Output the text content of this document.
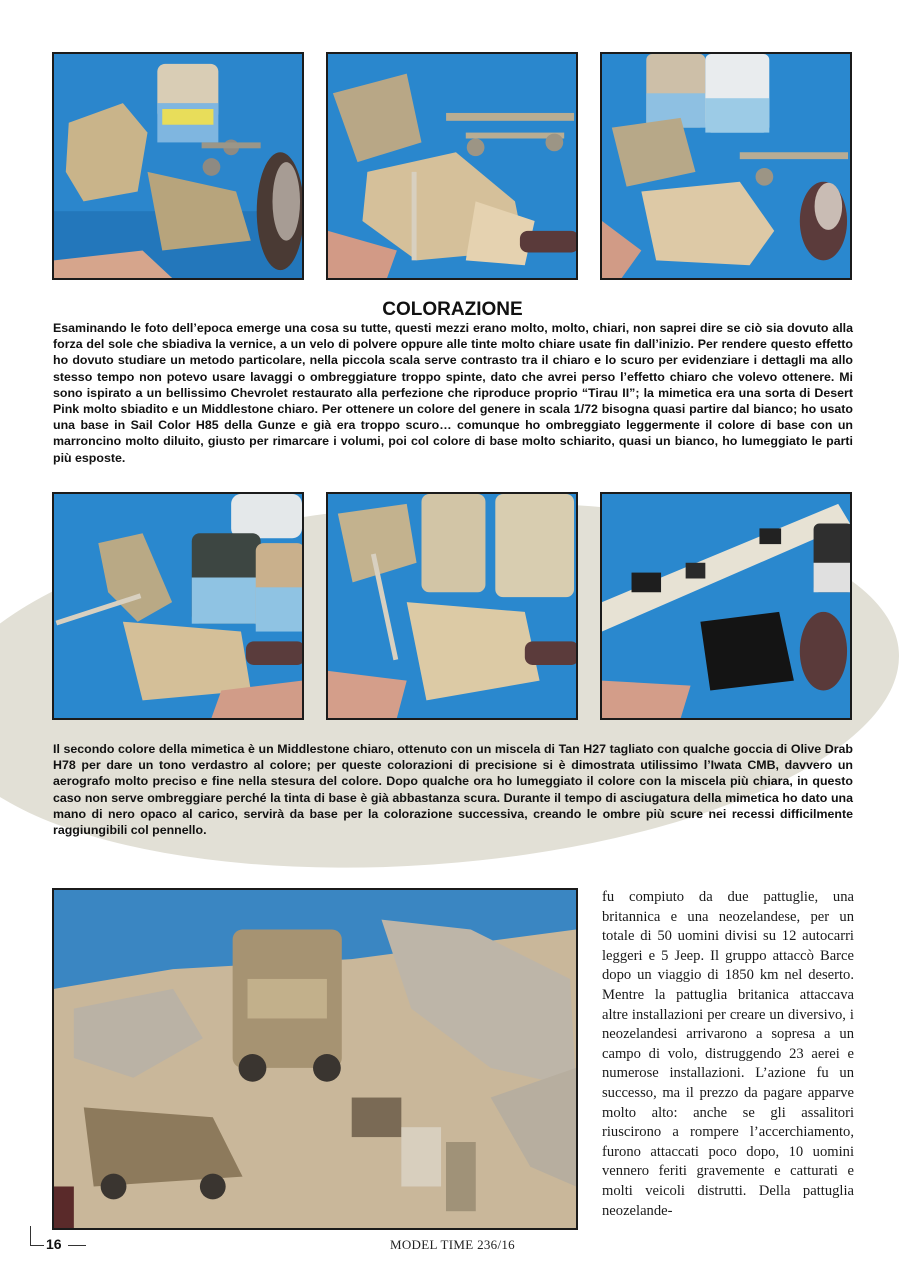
COLORAZIONE

Esaminando le foto dell’epoca emerge una cosa su tutte, questi mezzi erano molto, molto, chiari, non saprei dire se ciò sia dovuto alla forza del sole che sbiadiva la vernice, a un velo di polvere oppure alle tinte molto chiare usate fin dall’inizio. Per rendere questo effetto ho dovuto studiare un metodo particolare, nella piccola scala serve contrasto tra il chiaro e lo scuro per evidenziare i dettagli ma allo stesso tempo non potevo usare lavaggi o ombreggiature troppo spinte, dato che avrei perso l’effetto chiaro che volevo ottenere. Mi sono ispirato a un bellissimo Chevrolet restaurato alla perfezione che riproduce proprio “Tirau II”; la mimetica era una sorta di Desert Pink molto sbiadito e un Middlestone chiaro. Per ottenere un colore del genere in scala 1/72 bisogna quasi partire dal bianco; ho usato una base in Sail Color H85 della Gunze e già era troppo scuro… comunque ho ombreggiato leggermente il colore di base con un marroncino molto diluito, giusto per rimarcare i volumi, poi col colore di base molto schiarito, quasi un bianco, ho lumeggiato le parti più esposte.

Il secondo colore della mimetica è un Middlestone chiaro, ottenuto con un miscela di Tan H27 tagliato con qualche goccia di Olive Drab H78 per dare un tono verdastro al colore; per queste colorazioni di precisione si è dimostrata utilissimo l’Iwata CMB, davvero un aerografo molto preciso e fine nella stesura del colore. Dopo qualche ora ho lumeggiato il colore con la miscela più chiara, in questo caso non serve ombreggiare perché la tinta di base è già abbastanza scura. Durante il tempo di asciugatura della mimetica ho dato una mano di nero opaco al carico, servirà da base per la colorazione successiva, creando le ombre più scure nei recessi difficilmente raggiungibili col pennello.

fu compiuto da due pattuglie, una britannica e una neozelandese, per un totale di 50 uomini divisi su 12 autocarri leggeri e 5 Jeep. Il gruppo attaccò Barce dopo un viaggio di 1850 km nel deserto. Mentre la pattuglia britanica attaccava altre installazioni per creare un diversivo, i neozelandesi arrivarono a sopresa a un campo di volo, distruggendo 23 aerei e numerose installazioni. L’azione fu un successo, ma il prezzo da pagare apparve molto alto: anche se gli assalitori riuscirono a rompere l’accerchiamento, furono attaccati poco dopo, 10 uomini vennero feriti gravemente e catturati e molti veicoli distrutti. Della pattuglia neozelande-

16	MODEL TIME 236/16
